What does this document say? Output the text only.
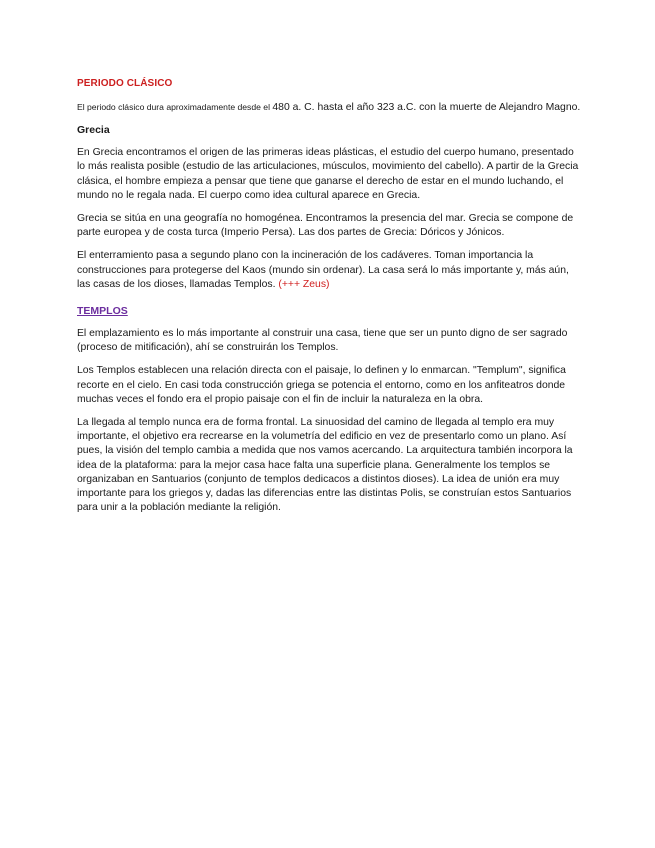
PERIODO CLÁSICO

El periodo clásico dura aproximadamente desde el 480 a. C. hasta el año 323 a.C. con la muerte de Alejandro Magno.

Grecia

En Grecia encontramos el origen de las primeras ideas plásticas, el estudio del cuerpo humano, presentado lo más realista posible (estudio de las articulaciones, músculos, movimiento del cabello). A partir de la Grecia clásica, el hombre empieza a pensar que tiene que ganarse el derecho de estar en el mundo luchando, el mundo no le regala nada. El cuerpo como idea cultural aparece en Grecia.

Grecia se sitúa en una geografía no homogénea. Encontramos la presencia del mar. Grecia se compone de parte europea y de costa turca (Imperio Persa). Las dos partes de Grecia: Dóricos y Jónicos.

El enterramiento pasa a segundo plano con la incineración de los cadáveres. Toman importancia la construcciones para protegerse del Kaos (mundo sin ordenar). La casa será lo más importante y, más aún, las casas de los dioses, llamadas Templos. (+++ Zeus)

TEMPLOS

El emplazamiento es lo más importante al construir una casa, tiene que ser un punto digno de ser sagrado (proceso de mitificación), ahí se construirán los Templos.

Los Templos establecen una relación directa con el paisaje, lo definen y lo enmarcan. "Templum", significa recorte en el cielo. En casi toda construcción griega se potencia el entorno, como en los anfiteatros donde muchas veces el fondo era el propio paisaje con el fin de incluir la naturaleza en la obra.

La llegada al templo nunca era de forma frontal. La sinuosidad del camino de llegada al templo era muy importante, el objetivo era recrearse en la volumetría del edificio en vez de presentarlo como un plano. Así pues, la visión del templo cambia a medida que nos vamos acercando. La arquitectura también incorpora la idea de la plataforma: para la mejor casa hace falta una superficie plana. Generalmente los templos se organizaban en Santuarios (conjunto de templos dedicacos a distintos dioses). La idea de unión era muy importante para los griegos y, dadas las diferencias entre las distintas Polis, se construían estos Santuarios para unir a la población mediante la religión.
